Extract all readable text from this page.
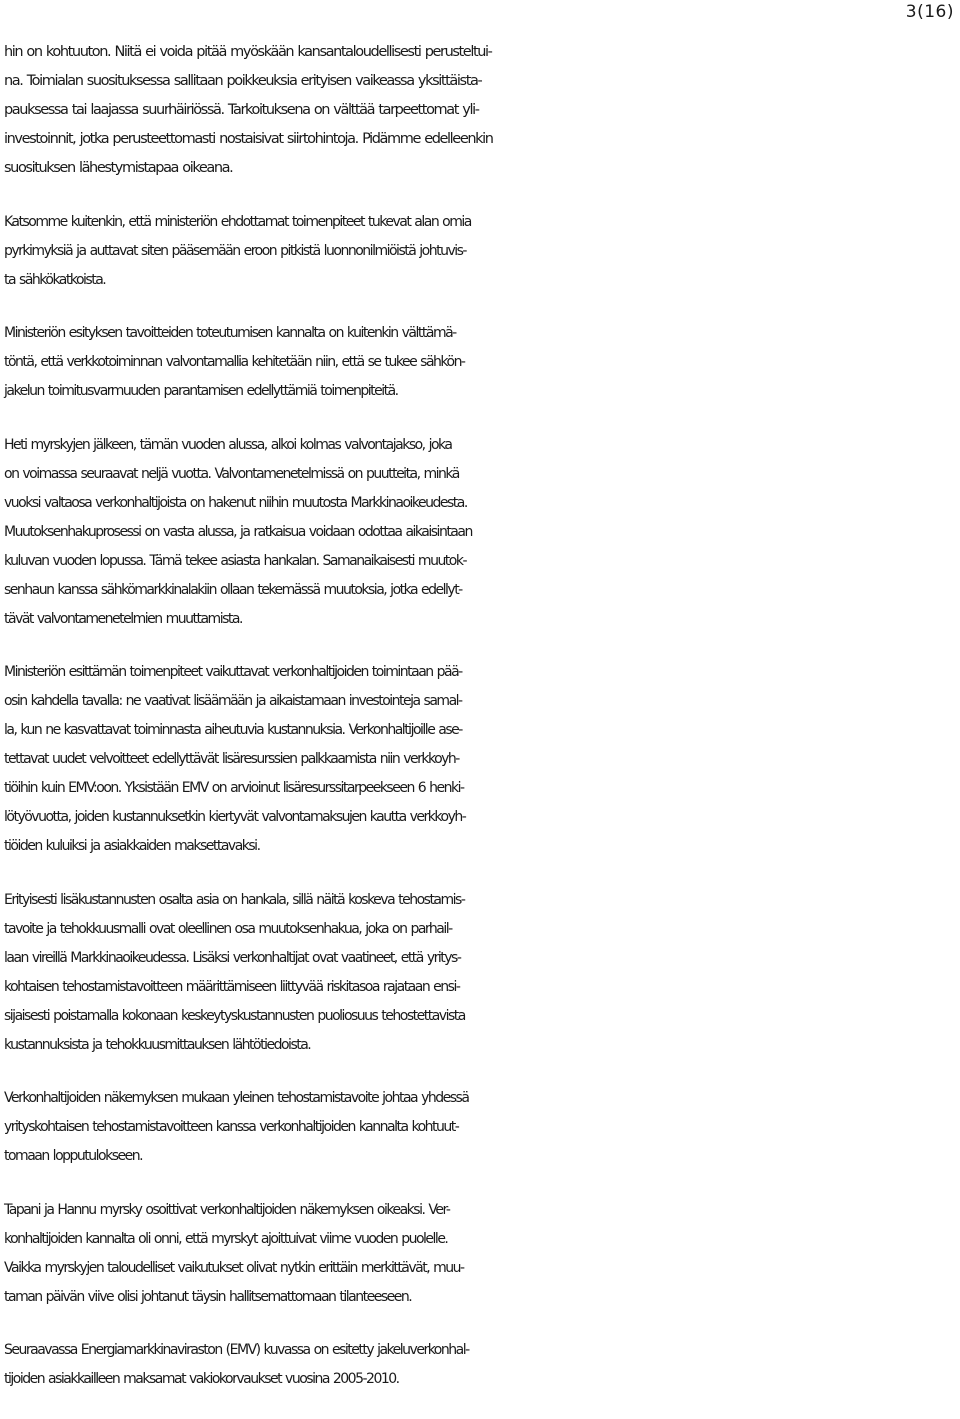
3(16)
hin on kohtuuton. Niitä ei voida pitää myöskään kansantaloudellisesti perusteltui-
na. Toimialan suosituksessa sallitaan poikkeuksia erityisen vaikeassa yksittäista-
pauksessa tai laajassa suurhäiriössä. Tarkoituksena on välttää tarpeettomat yli-
investoinnit, jotka perusteettomasti nostaisivat siirtohintoja. Pidämme edelleenkin
suosituksen lähestymistapaa oikeana.
Katsomme kuitenkin, että ministeriön ehdottamat toimenpiteet tukevat alan omia
pyrkimyksiä ja auttavat siten pääsemään eroon pitkistä luonnonilmiöistä johtuvis-
ta sähkökatkoista.
Ministeriön esityksen tavoitteiden toteutumisen kannalta on kuitenkin välttämä-
töntä, että verkkotoiminnan valvontamallia kehitetään niin, että se tukee sähkön-
jakelun toimitusvarmuuden parantamisen edellyttämiä toimenpiteitä.
Heti myrskyjen jälkeen, tämän vuoden alussa, alkoi kolmas valvontajakso, joka
on voimassa seuraavat neljä vuotta. Valvontamenetelmissä on puutteita, minkä
vuoksi valtaosa verkonhaltijoista on hakenut niihin muutosta Markkinaoikeudesta.
Muutoksenhakuprosessi on vasta alussa, ja ratkaisua voidaan odottaa aikaisintaan
kuluvan vuoden lopussa. Tämä tekee asiasta hankalan. Samanaikaisesti muutok-
senhaun kanssa sähkömarkkinalakiin ollaan tekemässä muutoksia, jotka edellyt-
tävät valvontamenetelmien muuttamista.
Ministeriön esittämän toimenpiteet vaikuttavat verkonhaltijoiden toimintaan pää-
osin kahdella tavalla: ne vaativat lisäämään ja aikaistamaan investointeja samal-
la, kun ne kasvattavat toiminnasta aiheutuvia kustannuksia. Verkonhaltijoille ase-
tettavat uudet velvoitteet edellyttävät lisäresurssien palkkaamista niin verkkoyh-
tiöihin kuin EMV:oon. Yksistään EMV on arvioinut lisäresurssitarpeekseen 6 henki-
lötyövuotta, joiden kustannuksetkin kiertyvät valvontamaksujen kautta verkkoyh-
tiöiden kuluiksi ja asiakkaiden maksettavaksi.
Erityisesti lisäkustannusten osalta asia on hankala, sillä näitä koskeva tehostamis-
tavoite ja tehokkuusmalli ovat oleellinen osa muutoksenhakua, joka on parhail-
laan vireillä Markkinaoikeudessa. Lisäksi verkonhaltijat ovat vaatineet, että yritys-
kohtaisen tehostamistavoitteen määrittämiseen liittyvää riskitasoa rajataan ensi-
sijaisesti poistamalla kokonaan keskeytyskustannusten puoliosuus tehostettavista
kustannuksista ja tehokkuusmittauksen lähtötiedoista.
Verkonhaltijoiden näkemyksen mukaan yleinen tehostamistavoite johtaa yhdessä
yrityskohtaisen tehostamistavoitteen kanssa verkonhaltijoiden kannalta kohtuut-
tomaan lopputulokseen.
Tapani ja Hannu myrsky osoittivat verkonhaltijoiden näkemyksen oikeaksi. Ver-
konhaltijoiden kannalta oli onni, että myrskyt ajoittuivat viime vuoden puolelle.
Vaikka myrskyjen taloudelliset vaikutukset olivat nytkin erittäin merkittävät, muu-
taman päivän viive olisi johtanut täysin hallitsemattomaan tilanteeseen.
Seuraavassa Energiamarkkinaviraston (EMV) kuvassa on esitetty jakeluverkonhal-
tijoiden asiakkailleen maksamat vakiokorvaukset vuosina 2005-2010.
